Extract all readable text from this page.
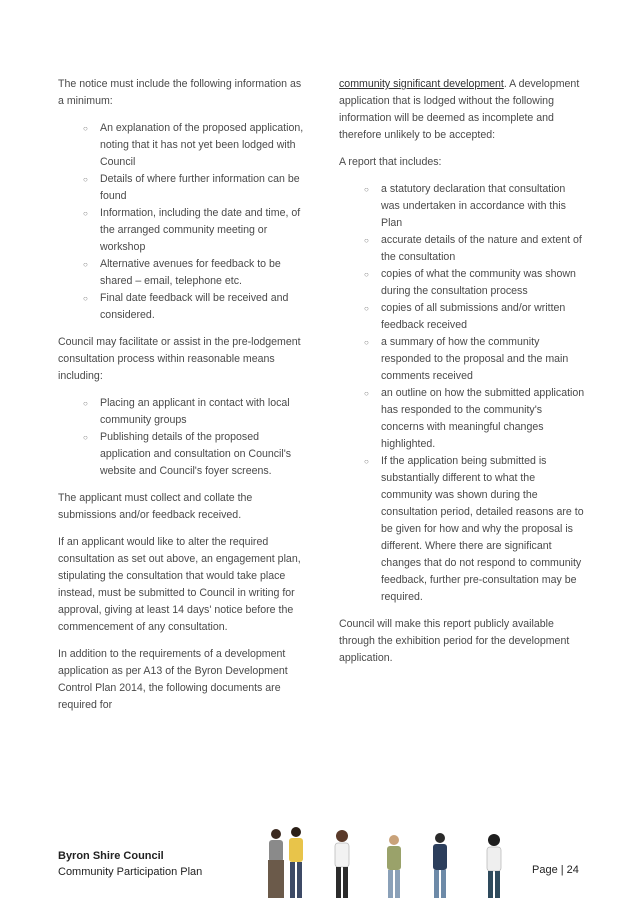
The notice must include the following information as a minimum:

○ An explanation of the proposed application, noting that it has not yet been lodged with Council
○ Details of where further information can be found
○ Information, including the date and time, of the arranged community meeting or workshop
○ Alternative avenues for feedback to be shared – email, telephone etc.
○ Final date feedback will be received and considered.

Council may facilitate or assist in the pre-lodgement consultation process within reasonable means including:

○ Placing an applicant in contact with local community groups
○ Publishing details of the proposed application and consultation on Council's website and Council's foyer screens.

The applicant must collect and collate the submissions and/or feedback received.

If an applicant would like to alter the required consultation as set out above, an engagement plan, stipulating the consultation that would take place instead, must be submitted to Council in writing for approval, giving at least 14 days' notice before the commencement of any consultation.

In addition to the requirements of a development application as per A13 of the Byron Development Control Plan 2014, the following documents are required for

community significant development. A development application that is lodged without the following information will be deemed as incomplete and therefore unlikely to be accepted:

A report that includes:

○ a statutory declaration that consultation was undertaken in accordance with this Plan
○ accurate details of the nature and extent of the consultation
○ copies of what the community was shown during the consultation process
○ copies of all submissions and/or written feedback received
○ a summary of how the community responded to the proposal and the main comments received
○ an outline on how the submitted application has responded to the community's concerns with meaningful changes highlighted.
○ If the application being submitted is substantially different to what the community was shown during the consultation period, detailed reasons are to be given for how and why the proposal is different. Where there are significant changes that do not respond to community feedback, further pre-consultation may be required.

Council will make this report publicly available through the exhibition period for the development application.

Byron Shire Council
Community Participation Plan	Page | 24
